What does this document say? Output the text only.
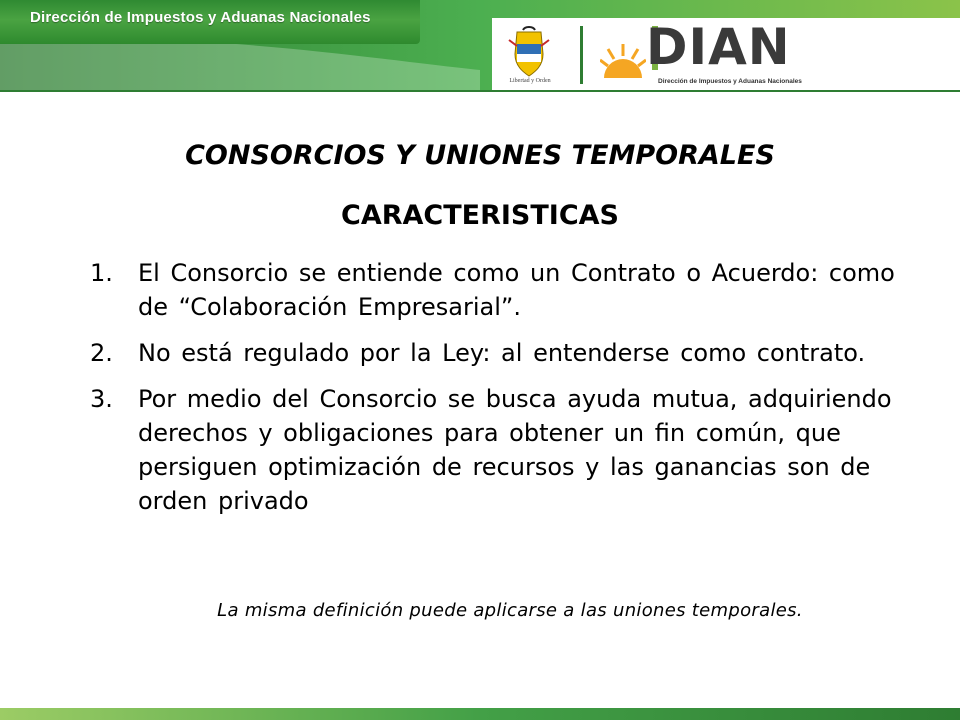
Dirección de Impuestos y Aduanas Nacionales
Libertad y Orden
DIAN
Dirección de Impuestos y Aduanas Nacionales
CONSORCIOS Y UNIONES TEMPORALES
CARACTERISTICAS
1. El Consorcio se entiende como un Contrato o Acuerdo: como de “Colaboración Empresarial”.
2. No está regulado por la Ley: al entenderse como contrato.
3. Por medio del Consorcio se busca ayuda mutua, adquiriendo derechos y obligaciones para obtener un fin común, que persiguen optimización de recursos y las ganancias son de orden privado
La misma definición puede aplicarse a las uniones temporales.
